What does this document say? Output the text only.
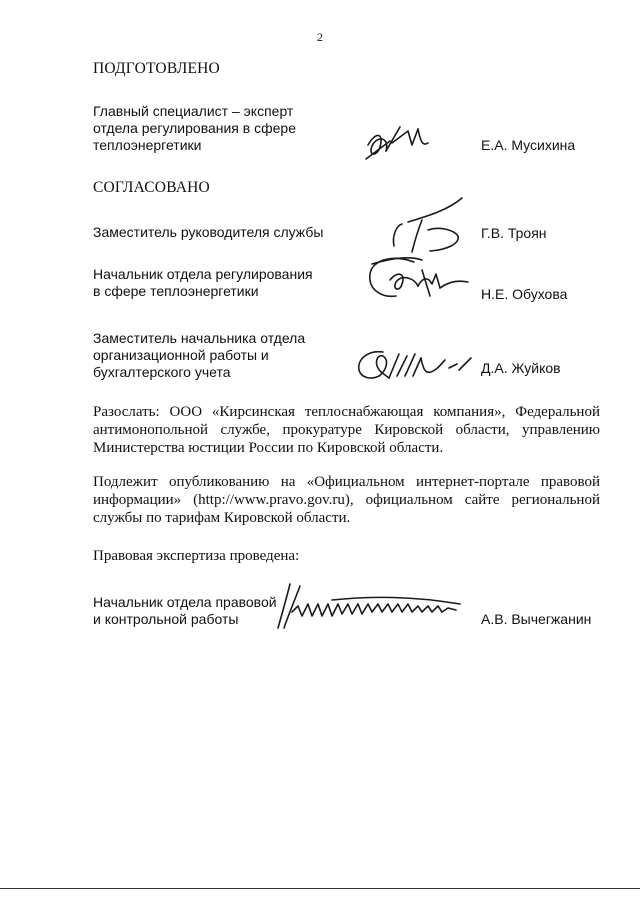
2
ПОДГОТОВЛЕНО
Главный специалист – эксперт
отдела регулирования в сфере
теплоэнергетики	Е.А. Мусихина
СОГЛАСОВАНО
Заместитель руководителя службы	Г.В. Троян
Начальник отдела регулирования
в сфере теплоэнергетики	Н.Е. Обухова
Заместитель начальника отдела
организационной работы и
бухгалтерского учета	Д.А. Жуйков
Разослать: ООО «Кирсинская теплоснабжающая компания», Федеральной антимонопольной службе, прокуратуре Кировской области, управлению Министерства юстиции России по Кировской области.
Подлежит опубликованию на «Официальном интернет-портале правовой информации» (http://www.pravo.gov.ru), официальном сайте региональной службы по тарифам Кировской области.
Правовая экспертиза проведена:
Начальник отдела правовой
и контрольной работы	А.В. Вычегжанин
